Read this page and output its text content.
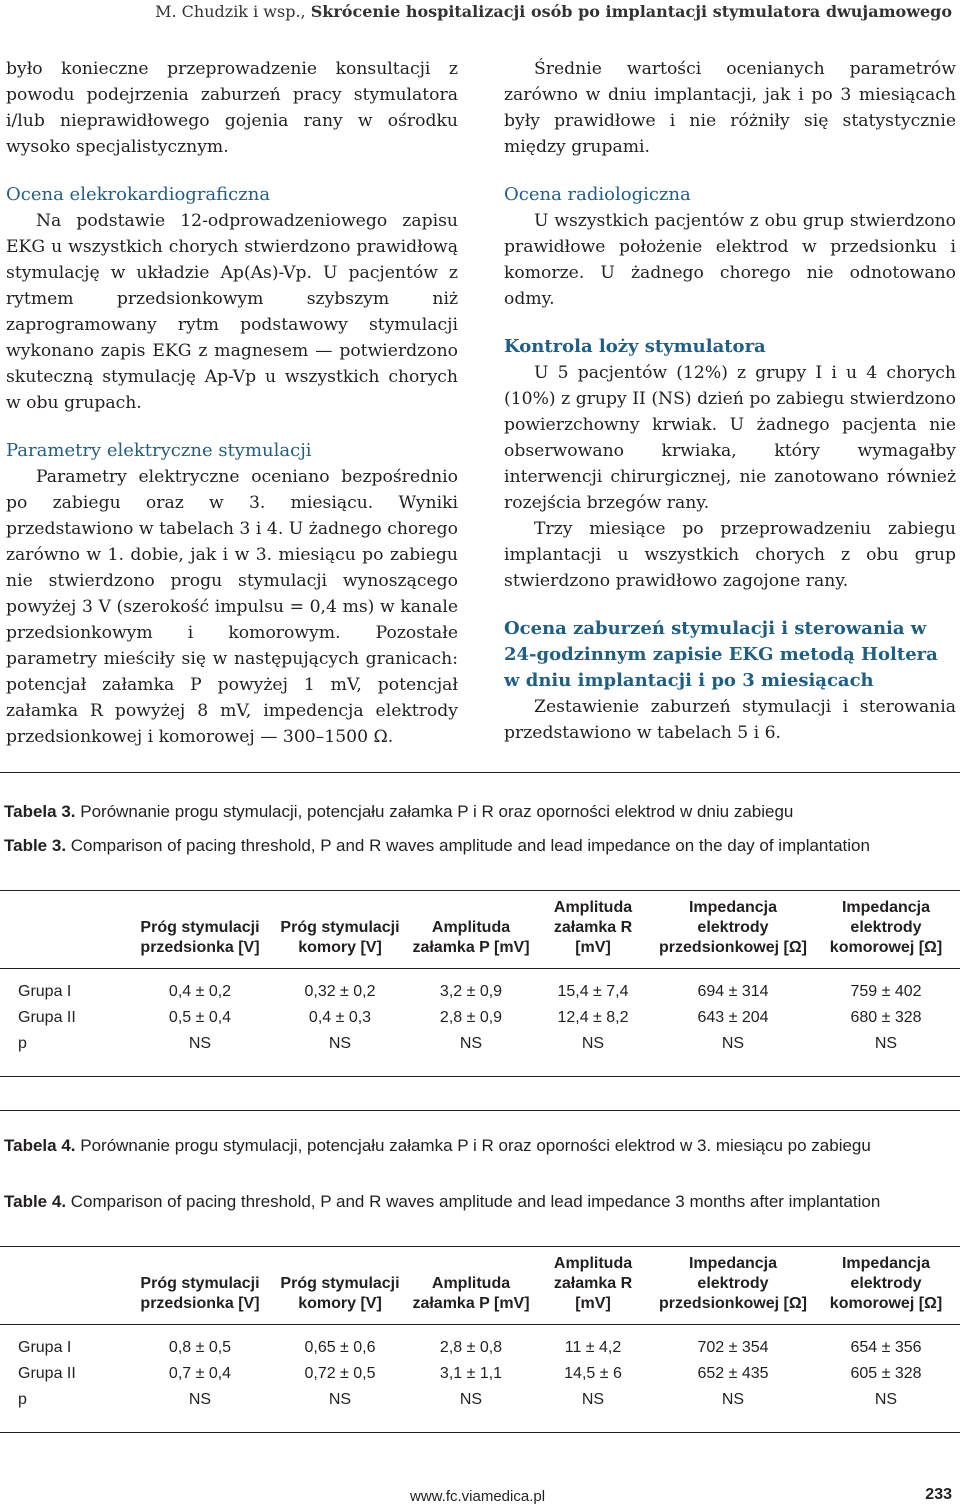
M. Chudzik i wsp., Skrócenie hospitalizacji osób po implantacji stymulatora dwujamowego

było konieczne przeprowadzenie konsultacji z powodu podejrzenia zaburzeń pracy stymulatora i/lub nieprawidłowego gojenia rany w ośrodku wysoko specjalistycznym.

Ocena elekrokardiograficzna

Na podstawie 12-odprowadzeniowego zapisu EKG u wszystkich chorych stwierdzono prawidłową stymulację w układzie Ap(As)-Vp. U pacjentów z rytmem przedsionkowym szybszym niż zaprogramowany rytm podstawowy stymulacji wykonano zapis EKG z magnesem — potwierdzono skuteczną stymulację Ap-Vp u wszystkich chorych w obu grupach.

Parametry elektryczne stymulacji

Parametry elektryczne oceniano bezpośrednio po zabiegu oraz w 3. miesiącu. Wyniki przedstawiono w tabelach 3 i 4. U żadnego chorego zarówno w 1. dobie, jak i w 3. miesiącu po zabiegu nie stwierdzono progu stymulacji wynoszącego powyżej 3 V (szerokość impulsu = 0,4 ms) w kanale przedsionkowym i komorowym. Pozostałe parametry mieściły się w następujących granicach: potencjał załamka P powyżej 1 mV, potencjał załamka R powyżej 8 mV, impedencja elektrody przedsionkowej i komorowej — 300–1500 Ω.

Średnie wartości ocenianych parametrów zarówno w dniu implantacji, jak i po 3 miesiącach były prawidłowe i nie różniły się statystycznie między grupami.

Ocena radiologiczna

U wszystkich pacjentów z obu grup stwierdzono prawidłowe położenie elektrod w przedsionku i komorze. U żadnego chorego nie odnotowano odmy.

Kontrola loży stymulatora

U 5 pacjentów (12%) z grupy I i u 4 chorych (10%) z grupy II (NS) dzień po zabiegu stwierdzono powierzchowny krwiak. U żadnego pacjenta nie obserwowano krwiaka, który wymagałby interwencji chirurgicznej, nie zanotowano również rozejścia brzegów rany.

Trzy miesiące po przeprowadzeniu zabiegu implantacji u wszystkich chorych z obu grup stwierdzono prawidłowo zagojone rany.

Ocena zaburzeń stymulacji i sterowania w 24-godzinnym zapisie EKG metodą Holtera w dniu implantacji i po 3 miesiącach

Zestawienie zaburzeń stymulacji i sterowania przedstawiono w tabelach 5 i 6.

Tabela 3. Porównanie progu stymulacji, potencjału załamka P i R oraz oporności elektrod w dniu zabiegu
Table 3. Comparison of pacing threshold, P and R waves amplitude and lead impedance on the day of implantation
	Próg stymulacji przedsionka [V]	Próg stymulacji komory [V]	Amplituda załamka P [mV]	Amplituda załamka R [mV]	Impedancja elektrody przedsionkowej [Ω]	Impedancja elektrody komorowej [Ω]
Grupa I	0,4 ± 0,2	0,32 ± 0,2	3,2 ± 0,9	15,4 ± 7,4	694 ± 314	759 ± 402
Grupa II	0,5 ± 0,4	0,4 ± 0,3	2,8 ± 0,9	12,4 ± 8,2	643 ± 204	680 ± 328
p	NS	NS	NS	NS	NS	NS
Tabela 4. Porównanie progu stymulacji, potencjału załamka P i R oraz oporności elektrod w 3. miesiącu po zabiegu
Table 4. Comparison of pacing threshold, P and R waves amplitude and lead impedance 3 months after implantation
	Próg stymulacji przedsionka [V]	Próg stymulacji komory [V]	Amplituda załamka P [mV]	Amplituda załamka R [mV]	Impedancja elektrody przedsionkowej [Ω]	Impedancja elektrody komorowej [Ω]
Grupa I	0,8 ± 0,5	0,65 ± 0,6	2,8 ± 0,8	11 ± 4,2	702 ± 354	654 ± 356
Grupa II	0,7 ± 0,4	0,72 ± 0,5	3,1 ± 1,1	14,5 ± 6	652 ± 435	605 ± 328
p	NS	NS	NS	NS	NS	NS
www.fc.viamedica.pl	233
